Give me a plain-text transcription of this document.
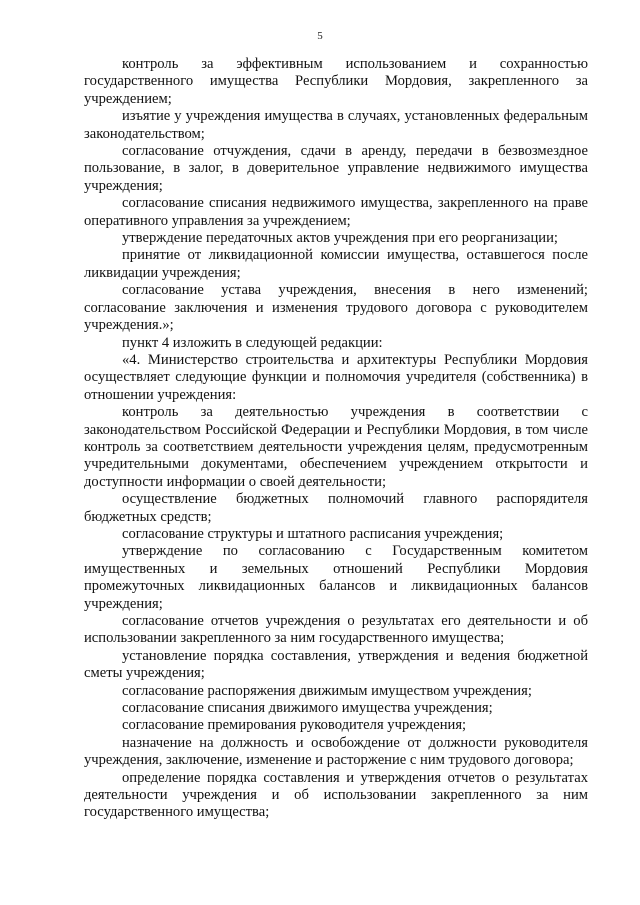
5

контроль за эффективным использованием и сохранностью государственного имущества Республики Мордовия, закрепленного за учреждением;

изъятие у учреждения имущества в случаях, установленных федеральным законодательством;

согласование отчуждения, сдачи в аренду, передачи в безвозмездное пользование, в залог, в доверительное управление недвижимого имущества учреждения;

согласование списания недвижимого имущества, закрепленного на праве оперативного управления за учреждением;

утверждение передаточных актов учреждения при его реорганизации;

принятие от ликвидационной комиссии имущества, оставшегося после ликвидации учреждения;

согласование устава учреждения, внесения в него изменений; согласование заключения и изменения трудового договора с руководителем учреждения.»;

пункт 4 изложить в следующей редакции:

«4. Министерство строительства и архитектуры Республики Мордовия осуществляет следующие функции и полномочия учредителя (собственника) в отношении учреждения:

контроль за деятельностью учреждения в соответствии с законодательством Российской Федерации и Республики Мордовия, в том числе контроль за соответствием деятельности учреждения целям, предусмотренным учредительными документами, обеспечением учреждением открытости и доступности информации о своей деятельности;

осуществление бюджетных полномочий главного распорядителя бюджетных средств;

согласование структуры и штатного расписания учреждения;

утверждение по согласованию с Государственным комитетом имущественных и земельных отношений Республики Мордовия промежуточных ликвидационных балансов и ликвидационных балансов учреждения;

согласование отчетов учреждения о результатах его деятельности и об использовании закрепленного за ним государственного имущества;

установление порядка составления, утверждения и ведения бюджетной сметы учреждения;

согласование распоряжения движимым имуществом учреждения;

согласование списания движимого имущества учреждения;

согласование премирования руководителя учреждения;

назначение на должность и освобождение от должности руководителя учреждения, заключение, изменение и расторжение с ним трудового договора;

определение порядка составления и утверждения отчетов о результатах деятельности учреждения и об использовании закрепленного за ним государственного имущества;
